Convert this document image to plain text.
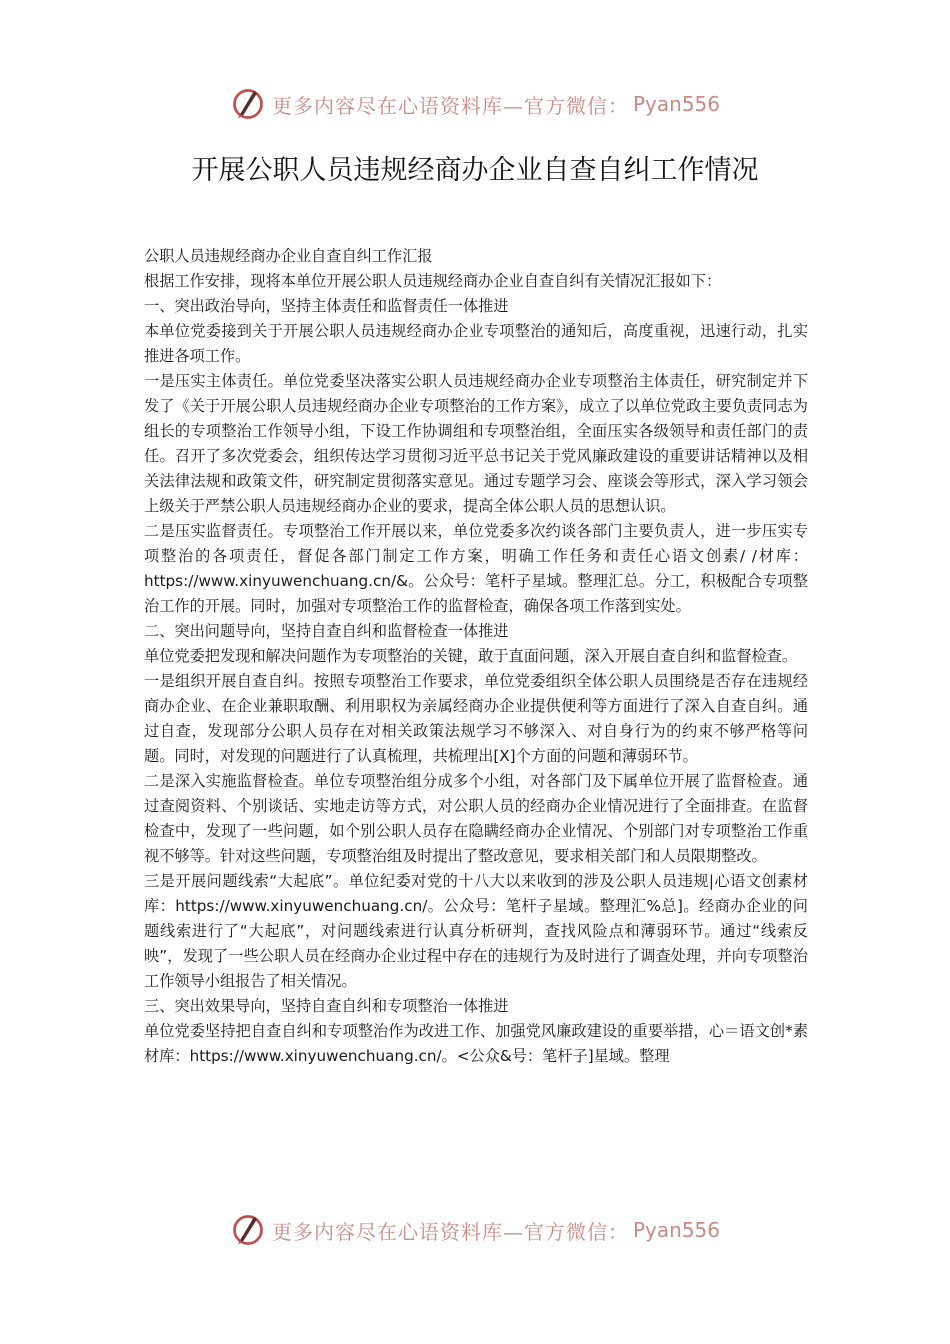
更多内容尽在心语资料库—官方微信： Pyan556
开展公职人员违规经商办企业自查自纠工作情况

公职人员违规经商办企业自查自纠工作汇报

根据工作安排，现将本单位开展公职人员违规经商办企业自查自纠有关情况汇报如下：

一、突出政治导向，坚持主体责任和监督责任一体推进

本单位党委接到关于开展公职人员违规经商办企业专项整治的通知后，高度重视，迅速行动，扎实推进各项工作。

一是压实主体责任。单位党委坚决落实公职人员违规经商办企业专项整治主体责任，研究制定并下发了《关于开展公职人员违规经商办企业专项整治的工作方案》，成立了以单位党政主要负责同志为组长的专项整治工作领导小组，下设工作协调组和专项整治组，全面压实各级领导和责任部门的责任。召开了多次党委会，组织传达学习贯彻习近平总书记关于党风廉政建设的重要讲话精神以及相关法律法规和政策文件，研究制定贯彻落实意见。通过专题学习会、座谈会等形式，深入学习领会上级关于严禁公职人员违规经商办企业的要求，提高全体公职人员的思想认识。

二是压实监督责任。专项整治工作开展以来，单位党委多次约谈各部门主要负责人，进一步压实专项整治的各项责任，督促各部门制定工作方案，明确工作任务和责任心语文创素/ /材库：https://www.xinyuwenchuang.cn/&。公众号：笔杆子星域。整理汇总。分工，积极配合专项整治工作的开展。同时，加强对专项整治工作的监督检查，确保各项工作落到实处。

二、突出问题导向，坚持自查自纠和监督检查一体推进

单位党委把发现和解决问题作为专项整治的关键，敢于直面问题，深入开展自查自纠和监督检查。

一是组织开展自查自纠。按照专项整治工作要求，单位党委组织全体公职人员围绕是否存在违规经商办企业、在企业兼职取酬、利用职权为亲属经商办企业提供便利等方面进行了深入自查自纠。通过自查，发现部分公职人员存在对相关政策法规学习不够深入、对自身行为的约束不够严格等问题。同时，对发现的问题进行了认真梳理，共梳理出[X]个方面的问题和薄弱环节。

二是深入实施监督检查。单位专项整治组分成多个小组，对各部门及下属单位开展了监督检查。通过查阅资料、个别谈话、实地走访等方式，对公职人员的经商办企业情况进行了全面排查。在监督检查中，发现了一些问题，如个别公职人员存在隐瞒经商办企业情况、个别部门对专项整治工作重视不够等。针对这些问题，专项整治组及时提出了整改意见，要求相关部门和人员限期整改。

三是开展问题线索“大起底”。单位纪委对党的十八大以来收到的涉及公职人员违规|心语文创素材库：https://www.xinyuwenchuang.cn/。公众号：笔杆子星域。整理汇%总]。经商办企业的问题线索进行了“大起底”，对问题线索进行认真分析研判，查找风险点和薄弱环节。通过“线索反映”，发现了一些公职人员在经商办企业过程中存在的违规行为及时进行了调查处理，并向专项整治工作领导小组报告了相关情况。

三、突出效果导向，坚持自查自纠和专项整治一体推进

单位党委坚持把自查自纠和专项整治作为改进工作、加强党风廉政建设的重要举措，心＝语文创*素材库：https://www.xinyuwenchuang.cn/。<公众&号：笔杆子]星域。整理

更多内容尽在心语资料库—官方微信： Pyan556
